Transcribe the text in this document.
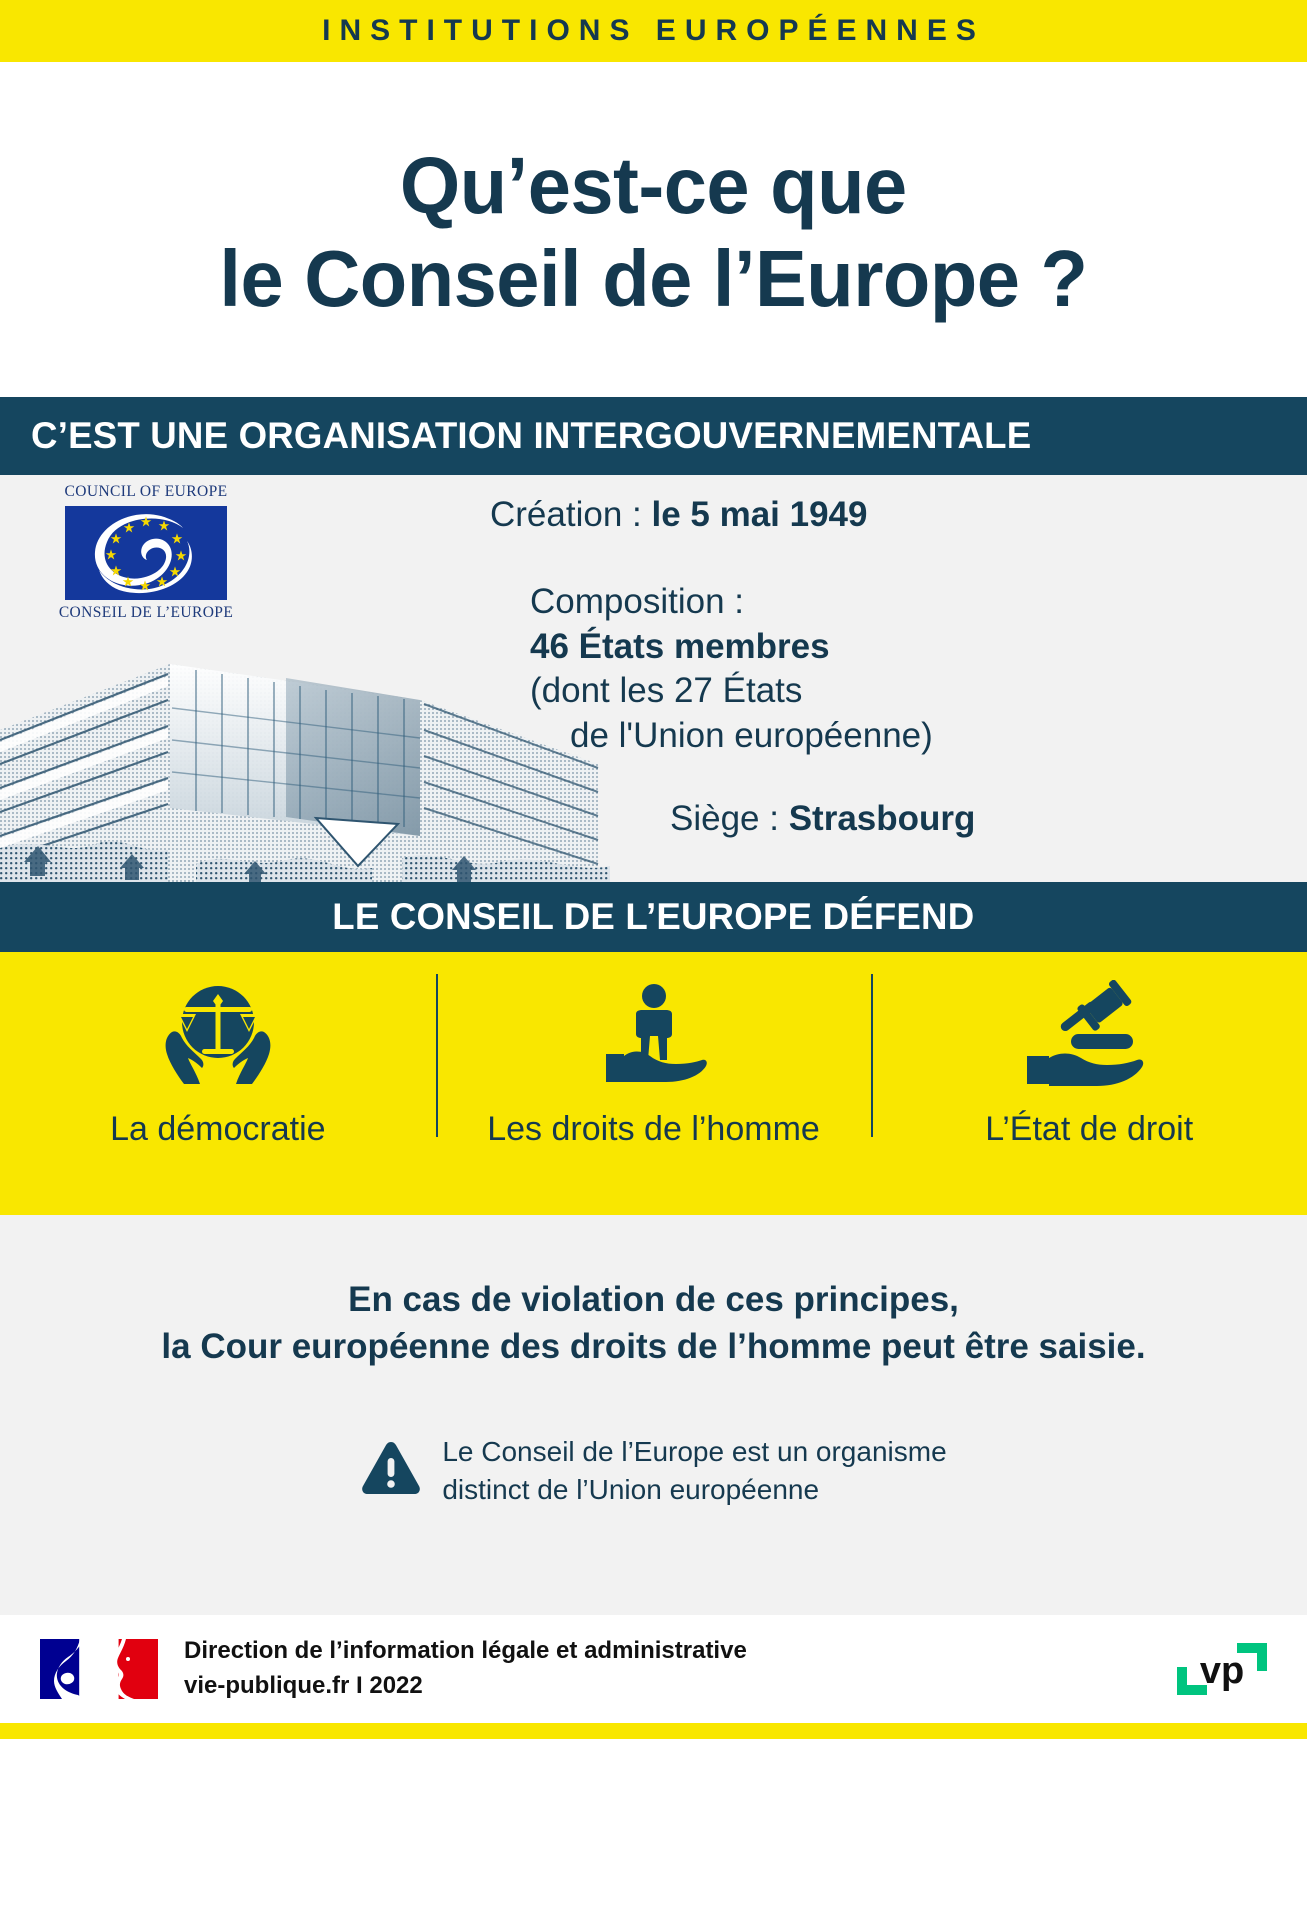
INSTITUTIONS EUROPÉENNES
Qu’est-ce que
le Conseil de l’Europe ?
C’EST UNE ORGANISATION INTERGOUVERNEMENTALE
COUNCIL OF EUROPE
CONSEIL DE L’EUROPE
Création : le 5 mai 1949
Composition :
46 États membres
(dont les 27 États
de l'Union européenne)
Siège : Strasbourg
LE CONSEIL DE L’EUROPE DÉFEND
La démocratie	Les droits de l’homme	L’État de droit
En cas de violation de ces principes,
la Cour européenne des droits de l’homme peut être saisie.
Le Conseil de l’Europe est un organisme
distinct de l’Union européenne
Direction de l’information légale et administrative
vie-publique.fr I 2022	vp
